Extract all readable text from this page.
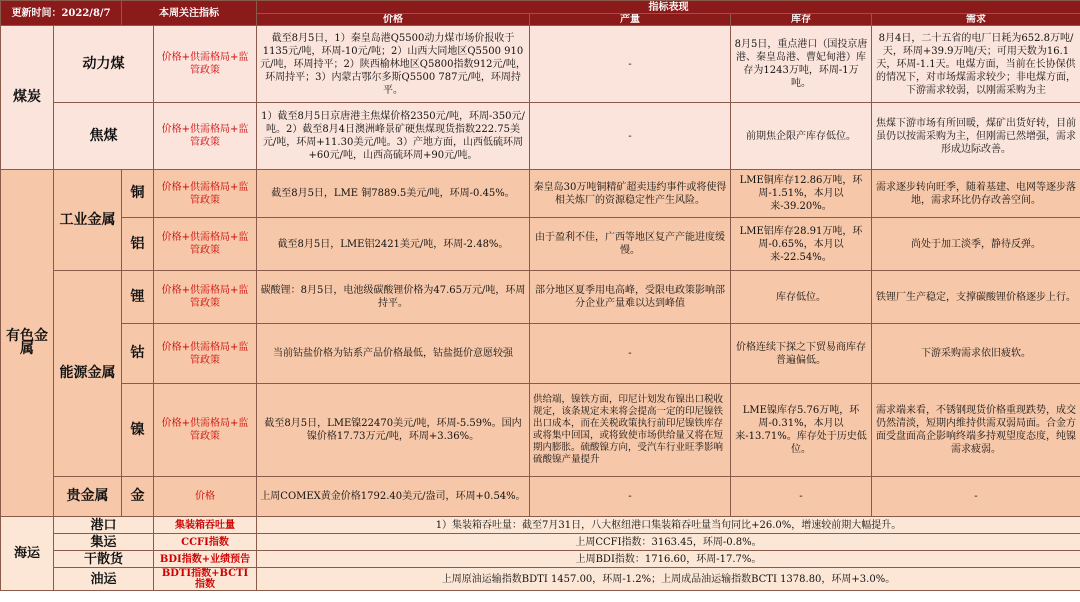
更新时间：2022/8/7		本周关注指标		指标表现			
				价格	产量	库存	需求
煤炭	动力煤		价格+供需格局+监管政策	截至8月5日，1）秦皇岛港Q5500动力煤市场价报收于1135元/吨，环周-10元/吨；2）山西大同地区Q5500 910元/吨，环周持平；2）陕西榆林地区Q5800指数912元/吨，环周持平；3）内蒙古鄂尔多斯Q5500 787元/吨，环周持平。	-	8月5日，重点港口（国投京唐港、秦皇岛港、曹妃甸港）库存为1243万吨，环周-1万吨。	8月4日，二十五省的电厂日耗为652.8万吨/天，环周+39.9万吨/天；可用天数为16.1天，环周-1.1天。电煤方面，当前在长协保供的情况下，对市场煤需求较少；非电煤方面，下游需求较弱，以刚需采购为主
	焦煤		价格+供需格局+监管政策	1）截至8月5日京唐港主焦煤价格2350元/吨，环周-350元/吨。2）截至8月4日澳洲峰景矿硬焦煤现货指数222.75美元/吨，环周+11.30美元/吨。3）产地方面，山西低硫环周+60元/吨，山西高硫环周+90元/吨。	-	前期焦企限产库存低位。	焦煤下游市场有所回暖，煤矿出货好转，目前虽仍以按需采购为主，但刚需已然增强，需求形成边际改善。
有色金属	工业金属	铜	价格+供需格局+监管政策	截至8月5日，LME 铜7889.5美元/吨，环周-0.45%。	秦皇岛30万吨铜精矿超卖违约事件或将使得相关炼厂的资源稳定性产生风险。	LME铜库存12.86万吨，环周-1.51%，本月以来-39.20%。	需求逐步转向旺季，随着基建、电网等逐步落地，需求环比仍存改善空间。
		铝	价格+供需格局+监管政策	截至8月5日，LME铝2421美元/吨，环周-2.48%。	由于盈利不佳，广西等地区复产产能进度缓慢。	LME铝库存28.91万吨，环周-0.65%，本月以来-22.54%。	尚处于加工淡季，静待反弹。
	能源金属	锂	价格+供需格局+监管政策	碳酸锂：8月5日，电池级碳酸锂价格为47.65万元/吨，环周持平。	部分地区夏季用电高峰，受限电政策影响部分企业产量难以达到峰值	库存低位。	铁锂厂生产稳定，支撑碳酸锂价格逐步上行。
		钴	价格+供需格局+监管政策	当前钴盐价格为钴系产品价格最低，钴盐挺价意愿较强	-	价格连续下探之下贸易商库存普遍偏低。	下游采购需求依旧疲软。
		镍	价格+供需格局+监管政策	截至8月5日，LME镍22470美元/吨，环周-5.59%。国内镍价格17.73万元/吨，环周+3.36%。	供给端，镍铁方面，印尼计划发布镍出口税收规定，该条规定未来将会提高一定的印尼镍铁出口成本，而在关税政策执行前印尼镍铁库存或将集中回国，或将致使市场供给量又将在短期内膨胀。硫酸镍方向，受汽车行业旺季影响硫酸镍产量提升	LME镍库存5.76万吨，环周-0.31%，本月以来-13.71%。库存处于历史低位。	需求端来看，不锈钢现货价格重现跌势，成交仍然清淡，短期内维持供需双弱局面。合金方面受盘面高企影响终端多持观望度态度，纯镍需求疲弱。
	贵金属	金	价格	上周COMEX黄金价格1792.40美元/盎司，环周+0.54%。	-	-	-
海运	港口		集装箱吞吐量	1）集装箱吞吐量：截至7月31日，八大枢纽港口集装箱吞吐量当旬同比+26.0%，增速较前期大幅提升。			
	集运		CCFI指数	上周CCFI指数：3163.45，环周-0.8%。			
	干散货		BDI指数+业绩预告	上周BDI指数：1716.60，环周-17.7%。			
	油运		BDTI指数+BCTI指数	上周原油运输指数BDTI 1457.00，环周-1.2%；上周成品油运输指数BCTI 1378.80，环周+3.0%。			
